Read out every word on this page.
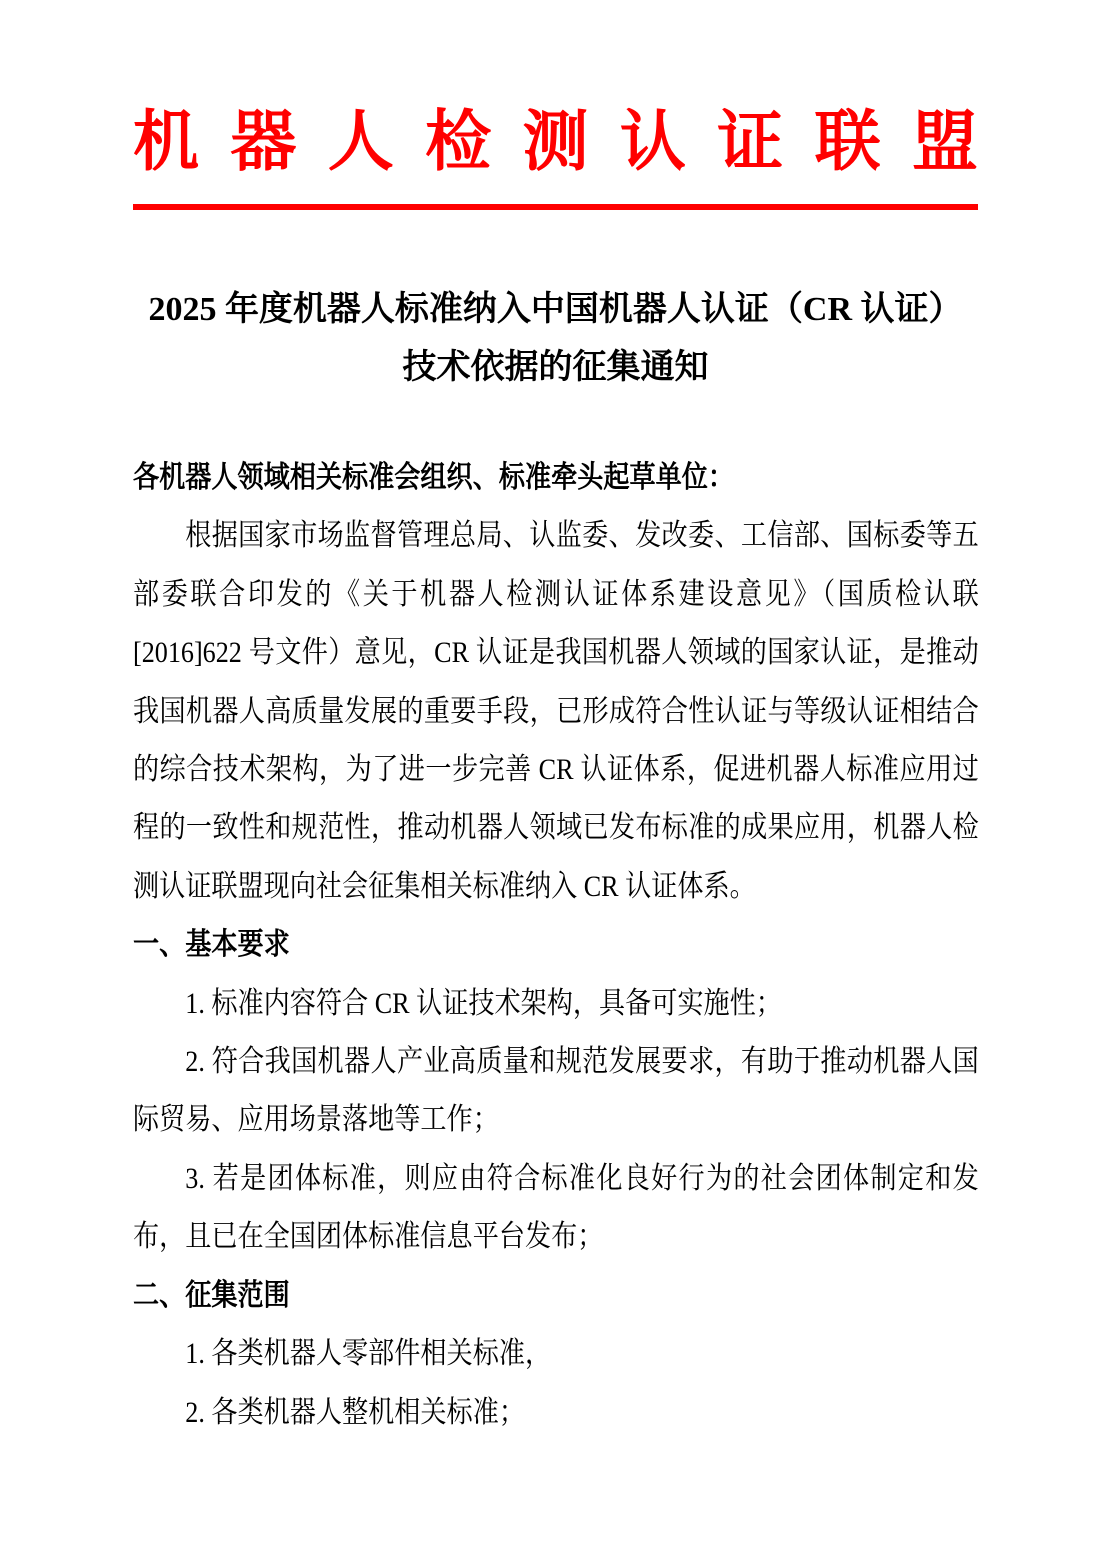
机 器 人 检 测 认 证 联 盟
2025 年度机器人标准纳入中国机器人认证（CR 认证）
技术依据的征集通知

各机器人领域相关标准会组织、标准牵头起草单位：

根据国家市场监督管理总局、认监委、发改委、工信部、国标委等五部委联合印发的《关于机器人检测认证体系建设意见》（国质检认联[2016]622 号文件）意见，CR 认证是我国机器人领域的国家认证，是推动我国机器人高质量发展的重要手段，已形成符合性认证与等级认证相结合的综合技术架构，为了进一步完善 CR 认证体系，促进机器人标准应用过程的一致性和规范性，推动机器人领域已发布标准的成果应用，机器人检测认证联盟现向社会征集相关标准纳入 CR 认证体系。

一、基本要求

1. 标准内容符合 CR 认证技术架构，具备可实施性；

2. 符合我国机器人产业高质量和规范发展要求，有助于推动机器人国际贸易、应用场景落地等工作；

3. 若是团体标准，则应由符合标准化良好行为的社会团体制定和发布，且已在全国团体标准信息平台发布；

二、征集范围

1. 各类机器人零部件相关标准，

2. 各类机器人整机相关标准；
